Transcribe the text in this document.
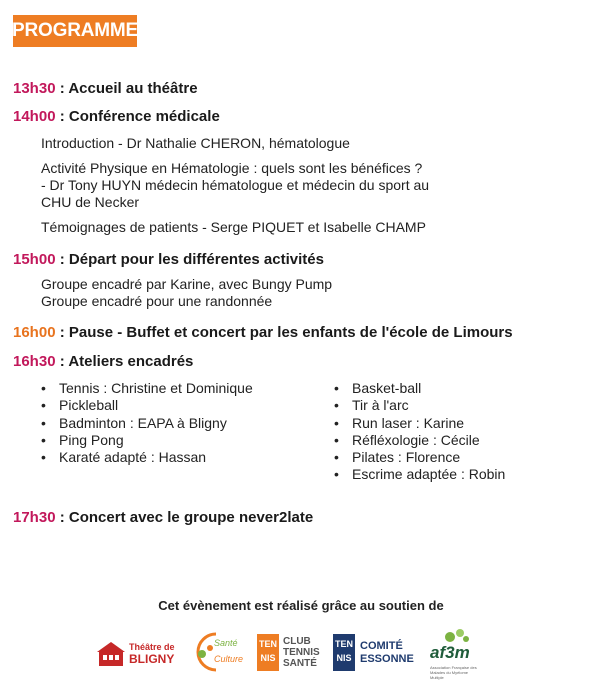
PROGRAMME
13h30 : Accueil au théâtre
14h00 : Conférence médicale
Introduction - Dr Nathalie CHERON, hématologue
Activité Physique en Hématologie : quels sont les bénéfices ?
- Dr Tony HUYN médecin hématologue et médecin du sport au
CHU de Necker
Témoignages de patients - Serge PIQUET et Isabelle CHAMP
15h00 : Départ pour les différentes activités
Groupe encadré par Karine, avec Bungy Pump
Groupe encadré pour une randonnée
16h00 : Pause - Buffet et concert par les enfants de l'école de Limours
16h30 : Ateliers encadrés
• Tennis : Christine et Dominique
• Pickleball
• Badminton : EAPA à Bligny
• Ping Pong
• Karaté adapté : Hassan
• Basket-ball
• Tir à l'arc
• Run laser : Karine
• Réfléxologie : Cécile
• Pilates : Florence
• Escrime adaptée : Robin
17h30 : Concert avec le groupe never2late
Cet évènement est réalisé grâce au soutien de
Théâtre de
BLIGNY
Santé
Culture
TEN
NIS
CLUB
TENNIS
SANTÉ
TEN
NIS
COMITÉ
ESSONNE af3m
Association Française des Malades du Myélome Multiple
